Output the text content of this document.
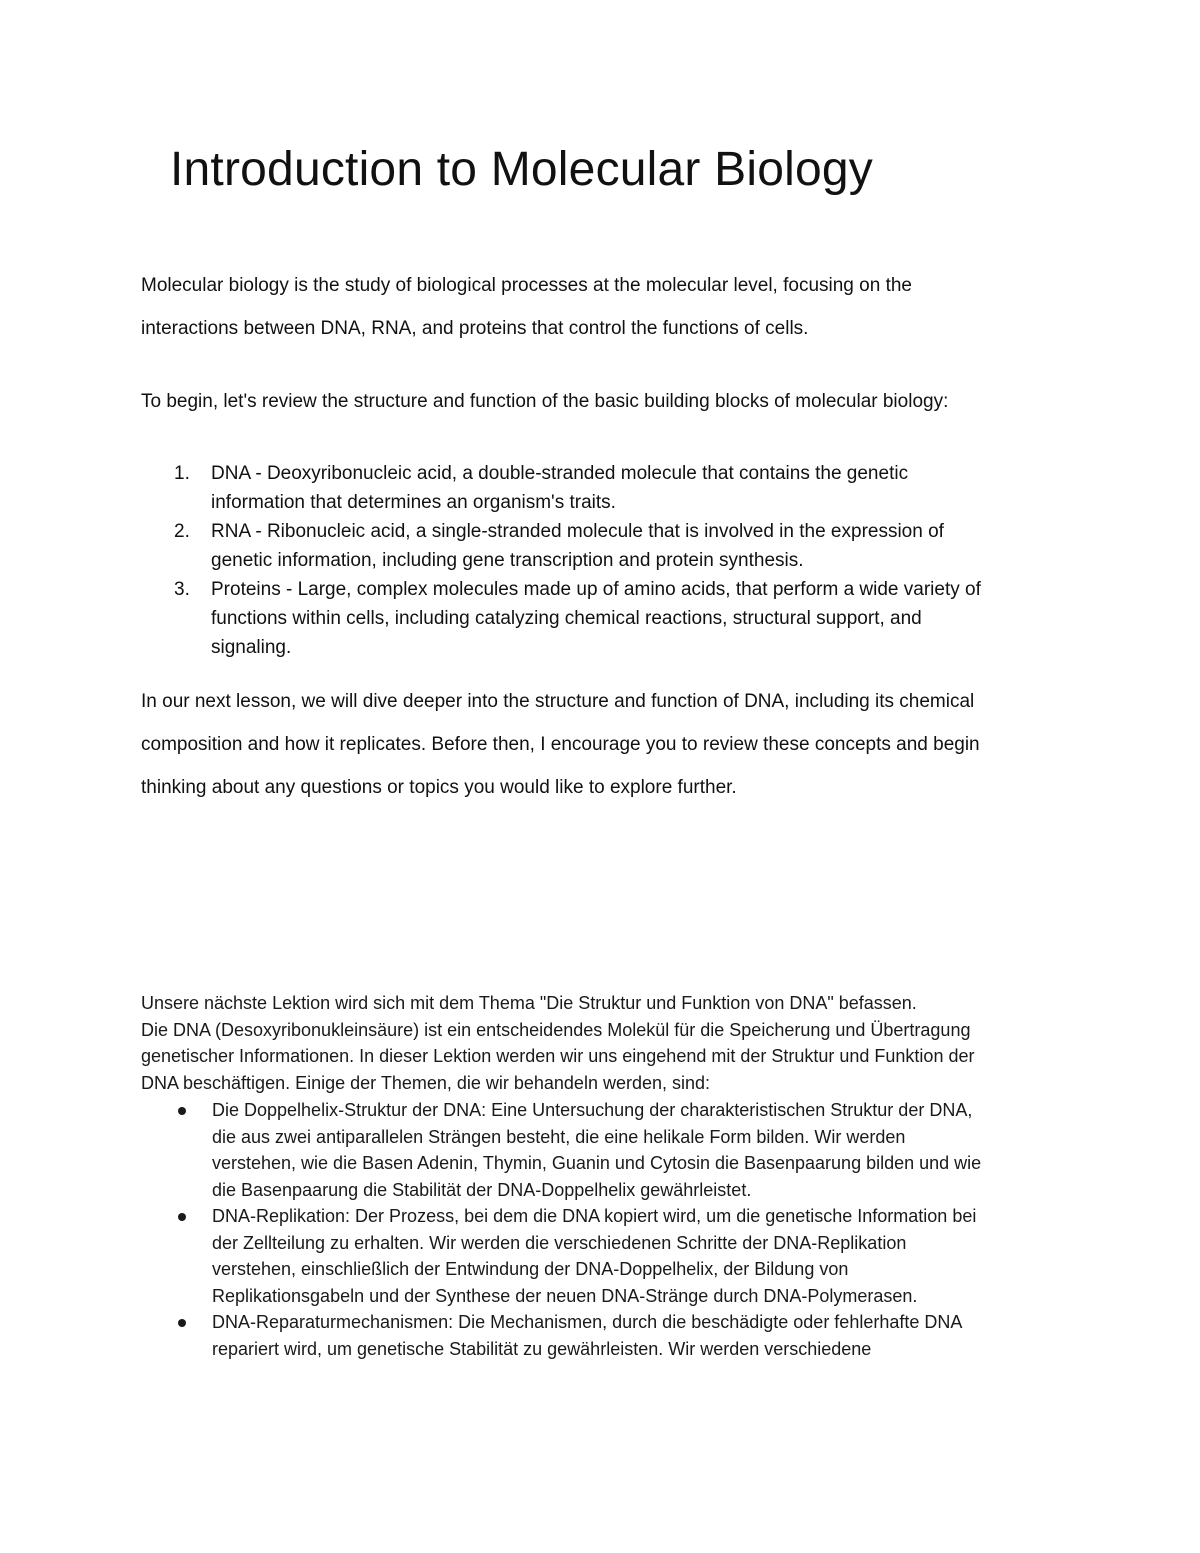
Introduction to Molecular Biology

Molecular biology is the study of biological processes at the molecular level, focusing on the
interactions between DNA, RNA, and proteins that control the functions of cells.

To begin, let's review the structure and function of the basic building blocks of molecular biology:

1. DNA - Deoxyribonucleic acid, a double-stranded molecule that contains the genetic
information that determines an organism's traits.
2. RNA - Ribonucleic acid, a single-stranded molecule that is involved in the expression of
genetic information, including gene transcription and protein synthesis.
3. Proteins - Large, complex molecules made up of amino acids, that perform a wide variety of
functions within cells, including catalyzing chemical reactions, structural support, and
signaling.

In our next lesson, we will dive deeper into the structure and function of DNA, including its chemical
composition and how it replicates. Before then, I encourage you to review these concepts and begin
thinking about any questions or topics you would like to explore further.

Unsere nächste Lektion wird sich mit dem Thema "Die Struktur und Funktion von DNA" befassen.
Die DNA (Desoxyribonukleinsäure) ist ein entscheidendes Molekül für die Speicherung und Übertragung
genetischer Informationen. In dieser Lektion werden wir uns eingehend mit der Struktur und Funktion der
DNA beschäftigen. Einige der Themen, die wir behandeln werden, sind:

Die Doppelhelix-Struktur der DNA: Eine Untersuchung der charakteristischen Struktur der DNA,
die aus zwei antiparallelen Strängen besteht, die eine helikale Form bilden. Wir werden
verstehen, wie die Basen Adenin, Thymin, Guanin und Cytosin die Basenpaarung bilden und wie
die Basenpaarung die Stabilität der DNA-Doppelhelix gewährleistet.
DNA-Replikation: Der Prozess, bei dem die DNA kopiert wird, um die genetische Information bei
der Zellteilung zu erhalten. Wir werden die verschiedenen Schritte der DNA-Replikation
verstehen, einschließlich der Entwindung der DNA-Doppelhelix, der Bildung von
Replikationsgabeln und der Synthese der neuen DNA-Stränge durch DNA-Polymerasen.
DNA-Reparaturmechanismen: Die Mechanismen, durch die beschädigte oder fehlerhafte DNA
repariert wird, um genetische Stabilität zu gewährleisten. Wir werden verschiedene
